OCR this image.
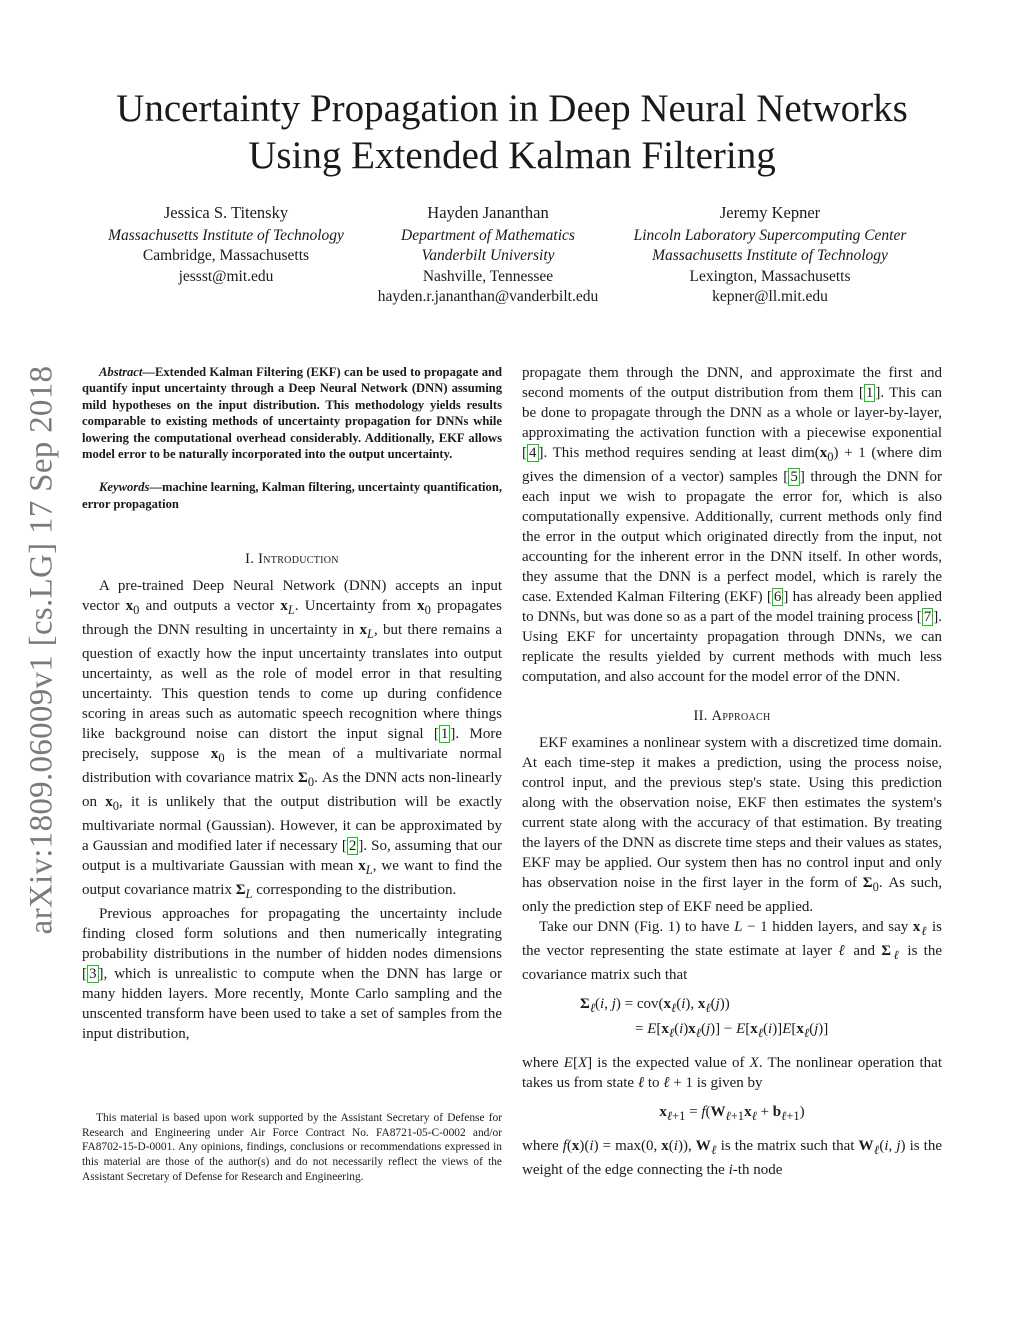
arXiv:1809.06009v1 [cs.LG] 17 Sep 2018
Uncertainty Propagation in Deep Neural Networks
Using Extended Kalman Filtering
Jessica S. Titensky
Massachusetts Institute of Technology
Cambridge, Massachusetts
jessst@mit.edu
Hayden Jananthan
Department of Mathematics
Vanderbilt University
Nashville, Tennessee
hayden.r.jananthan@vanderbilt.edu
Jeremy Kepner
Lincoln Laboratory Supercomputing Center
Massachusetts Institute of Technology
Lexington, Massachusetts
kepner@ll.mit.edu

Abstract—Extended Kalman Filtering (EKF) can be used to propagate and quantify input uncertainty through a Deep Neural Network (DNN) assuming mild hypotheses on the input distribution. This methodology yields results comparable to existing methods of uncertainty propagation for DNNs while lowering the computational overhead considerably. Additionally, EKF allows model error to be naturally incorporated into the output uncertainty.

Keywords—machine learning, Kalman filtering, uncertainty quantification, error propagation

I. Introduction

A pre-trained Deep Neural Network (DNN) accepts an input vector $x_0$ and outputs a vector $x_L$. Uncertainty from $x_0$ propagates through the DNN resulting in uncertainty in $x_L$, but there remains a question of exactly how the input uncertainty translates into output uncertainty, as well as the role of model error in that resulting uncertainty. This question tends to come up during confidence scoring in areas such as automatic speech recognition where things like background noise can distort the input signal [ 1 ]. More precisely, suppose $x_0$ is the mean of a multivariate normal distribution with covariance matrix $\Sigma_0$. As the DNN acts non-linearly on $x_0$, it is unlikely that the output distribution will be exactly multivariate normal (Gaussian). However, it can be approximated by a Gaussian and modified later if necessary [ 2 ]. So, assuming that our output is a multivariate Gaussian with mean $x_L$, we want to find the output covariance matrix $\Sigma_L$ corresponding to the distribution.

Previous approaches for propagating the uncertainty include finding closed form solutions and then numerically integrating probability distributions in the number of hidden nodes dimensions [ 3 ], which is unrealistic to compute when the DNN has large or many hidden layers. More recently, Monte Carlo sampling and the unscented transform have been used to take a set of samples from the input distribution,

This material is based upon work supported by the Assistant Secretary of Defense for Research and Engineering under Air Force Contract No. FA8721-05-C-0002 and/or FA8702-15-D-0001. Any opinions, findings, conclusions or recommendations expressed in this material are those of the author(s) and do not necessarily reflect the views of the Assistant Secretary of Defense for Research and Engineering.

propagate them through the DNN, and approximate the first and second moments of the output distribution from them [ 1 ]. This can be done to propagate through the DNN as a whole or layer-by-layer, approximating the activation function with a piecewise exponential [ 4 ]. This method requires sending at least $dim(x_0) + 1$ (where dim gives the dimension of a vector) samples [ 5 ] through the DNN for each input we wish to propagate the error for, which is also computationally expensive. Additionally, current methods only find the error in the output which originated directly from the input, not accounting for the inherent error in the DNN itself. In other words, they assume that the DNN is a perfect model, which is rarely the case. Extended Kalman Filtering (EKF) [ 6 ] has already been applied to DNNs, but was done so as a part of the model training process [ 7 ]. Using EKF for uncertainty propagation through DNNs, we can replicate the results yielded by current methods with much less computation, and also account for the model error of the DNN.

II. Approach

EKF examines a nonlinear system with a discretized time domain. At each time-step it makes a prediction, using the process noise, control input, and the previous step's state. Using this prediction along with the observation noise, EKF then estimates the system's current state along with the accuracy of that estimation. By treating the layers of the DNN as discrete time steps and their values as states, EKF may be applied. Our system then has no control input and only has observation noise in the first layer in the form of $\Sigma_0$. As such, only the prediction step of EKF need be applied.

Take our DNN (Fig. 1) to have L − 1 hidden layers, and say $x_\ell$ is the vector representing the state estimate at layer ℓ and $\Sigma_\ell$ is the covariance matrix such that

$\Sigma_\ell(i$, $j) = cov(x_\ell(i)$, $x_\ell(j)$)
= $E[x_\ell(i)x_\ell(j)] - E[x_\ell(i)]E[x_\ell(j)]$

where E[X] is the expected value of X. The nonlinear operation that takes us from state ℓ to ℓ + 1 is given by

$x_{\ell+1} = f(W_{\ell+1}x_\ell + b_{\ell+1})$

where f(x)(i) = max(0, x(i)), $W_\ell$ is the matrix such that $W_\ell(i$, j) is the weight of the edge connecting the i-th node
